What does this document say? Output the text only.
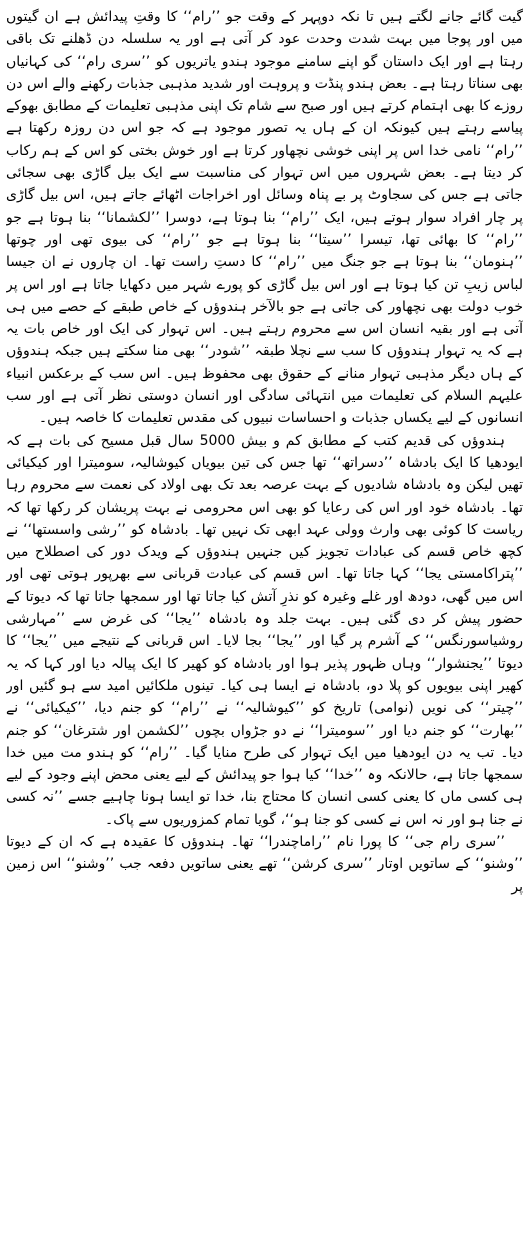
گیت گائے جانے لگتے ہیں تا نکہ دوپہر کے وقت جو ’’رام‘‘ کا وقتِ پیدائش ہے ان گیتوں میں اور پوجا میں بہت شدت وحدت عود کر آتی ہے اور یہ سلسلہ دن ڈھلنے تک باقی رہتا ہے اور ایک داستان گو اپنے سامنے موجود ہندو یاتریوں کو ’’سری رام‘‘ کی کہانیاں بھی سناتا رہتا ہے۔ بعض ہندو پنڈت و پروہت اور شدید مذہبی جذبات رکھنے والے اس دن روزے کا بھی اہتمام کرتے ہیں اور صبح سے شام تک اپنی مذہبی تعلیمات کے مطابق بھوکے پیاسے رہتے ہیں کیونکہ ان کے ہاں یہ تصور موجود ہے کہ جو اس دن روزہ رکھتا ہے ’’رام‘‘ نامی خدا اس پر اپنی خوشی نچھاور کرتا ہے اور خوش بختی کو اس کے ہم رکاب کر دیتا ہے۔ بعض شہروں میں اس تہوار کی مناسبت سے ایک بیل گاڑی بھی سجائی جاتی ہے جس کی سجاوٹ پر بے پناہ وسائل اور اخراجات اٹھائے جاتے ہیں، اس بیل گاڑی پر چار افراد سوار ہوتے ہیں، ایک ’’رام‘‘ بنا ہوتا ہے، دوسرا ’’لکشمانا‘‘ بنا ہوتا ہے جو ’’رام‘‘ کا بھائی تھا، تیسرا ’’سیتا‘‘ بنا ہوتا ہے جو ’’رام‘‘ کی بیوی تھی اور چوتھا ’’ہنومان‘‘ بنا ہوتا ہے جو جنگ میں ’’رام‘‘ کا دستِ راست تھا۔ ان چاروں نے ان جیسا لباس زیبِ تن کیا ہوتا ہے اور اس بیل گاڑی کو پورے شہر میں دکھایا جاتا ہے اور اس پر خوب دولت بھی نچھاور کی جاتی ہے جو بالآخر ہندوؤں کے خاص طبقے کے حصے میں ہی آتی ہے اور بقیہ انسان اس سے محروم رہتے ہیں۔ اس تہوار کی ایک اور خاص بات یہ ہے کہ یہ تہوار ہندوؤں کا سب سے نچلا طبقہ ’’شودر‘‘ بھی منا سکتے ہیں جبکہ ہندوؤں کے ہاں دیگر مذہبی تہوار منانے کے حقوق بھی محفوظ ہیں۔ اس سب کے برعکس انبیاء علیہم السلام کی تعلیمات میں انتہائی سادگی اور انسان دوستی نظر آتی ہے اور سب انسانوں کے لیے یکساں جذبات و احساسات نبیوں کی مقدس تعلیمات کا خاصہ ہیں۔

ہندوؤں کی قدیم کتب کے مطابق کم و بیش 5000 سال قبل مسیح کی بات ہے کہ ایودھیا کا ایک بادشاہ ’’دسراتھ‘‘ تھا جس کی تین بیویاں کیوشالیہ، سومیترا اور کیکیائی تھیں لیکن وہ بادشاہ شادیوں کے بہت عرصہ بعد تک بھی اولاد کی نعمت سے محروم رہا تھا۔ بادشاہ خود اور اس کی رعایا کو بھی اس محرومی نے بہت پریشان کر رکھا تھا کہ ریاست کا کوئی بھی وارث وولی عہد ابھی تک نہیں تھا۔ بادشاہ کو ’’رشی واسستھا‘‘ نے کچھ خاص قسم کی عبادات تجویز کیں جنہیں ہندوؤں کے ویدک دور کی اصطلاح میں ’’پتراکامستی یجا‘‘ کہا جاتا تھا۔ اس قسم کی عبادت قربانی سے بھرپور ہوتی تھی اور اس میں گھی، دودھ اور غلے وغیرہ کو نذرِ آتش کیا جاتا تھا اور سمجھا جاتا تھا کہ دیوتا کے حضور پیش کر دی گئی ہیں۔ بہت جلد وہ بادشاہ ’’یجا‘‘ کی غرض سے ’’مہارشی روشیاسورنگس‘‘ کے آشرم پر گیا اور ’’یجا‘‘ بجا لایا۔ اس قربانی کے نتیجے میں ’’یجا‘‘ کا دیوتا ’’یجنشوار‘‘ وہاں ظہور پذیر ہوا اور بادشاہ کو کھیر کا ایک پیالہ دیا اور کہا کہ یہ کھیر اپنی بیویوں کو پلا دو، بادشاہ نے ایسا ہی کیا۔ تینوں ملکائیں امید سے ہو گئیں اور ’’چیتر‘‘ کی نویں (نوامی) تاریخ کو ’’کیوشالیہ‘‘ نے ’’رام‘‘ کو جنم دیا، ’’کیکیائی‘‘ نے ’’بھارت‘‘ کو جنم دیا اور ’’سومیترا‘‘ نے دو جڑواں بچوں ’’لکشمن اور شترغان‘‘ کو جنم دیا۔ تب یہ دن ایودھیا میں ایک تہوار کی طرح منایا گیا۔ ’’رام‘‘ کو ہندو مت میں خدا سمجھا جاتا ہے، حالانکہ وہ ’’خدا‘‘ کیا ہوا جو پیدائش کے لیے یعنی محض اپنے وجود کے لیے ہی کسی ماں کا یعنی کسی انسان کا محتاج بنا، خدا تو ایسا ہونا چاہیے جسے ’’نہ کسی نے جنا ہو اور نہ اس نے کسی کو جنا ہو‘‘، گویا تمام کمزوریوں سے پاک۔

’’سری رام جی‘‘ کا پورا نام ’’راماچندرا‘‘ تھا۔ ہندوؤں کا عقیدہ ہے کہ ان کے دیوتا ’’وشنو‘‘ کے ساتویں اوتار ’’سری کرشن‘‘ تھے یعنی ساتویں دفعہ جب ’’وشنو‘‘ اس زمین پر
